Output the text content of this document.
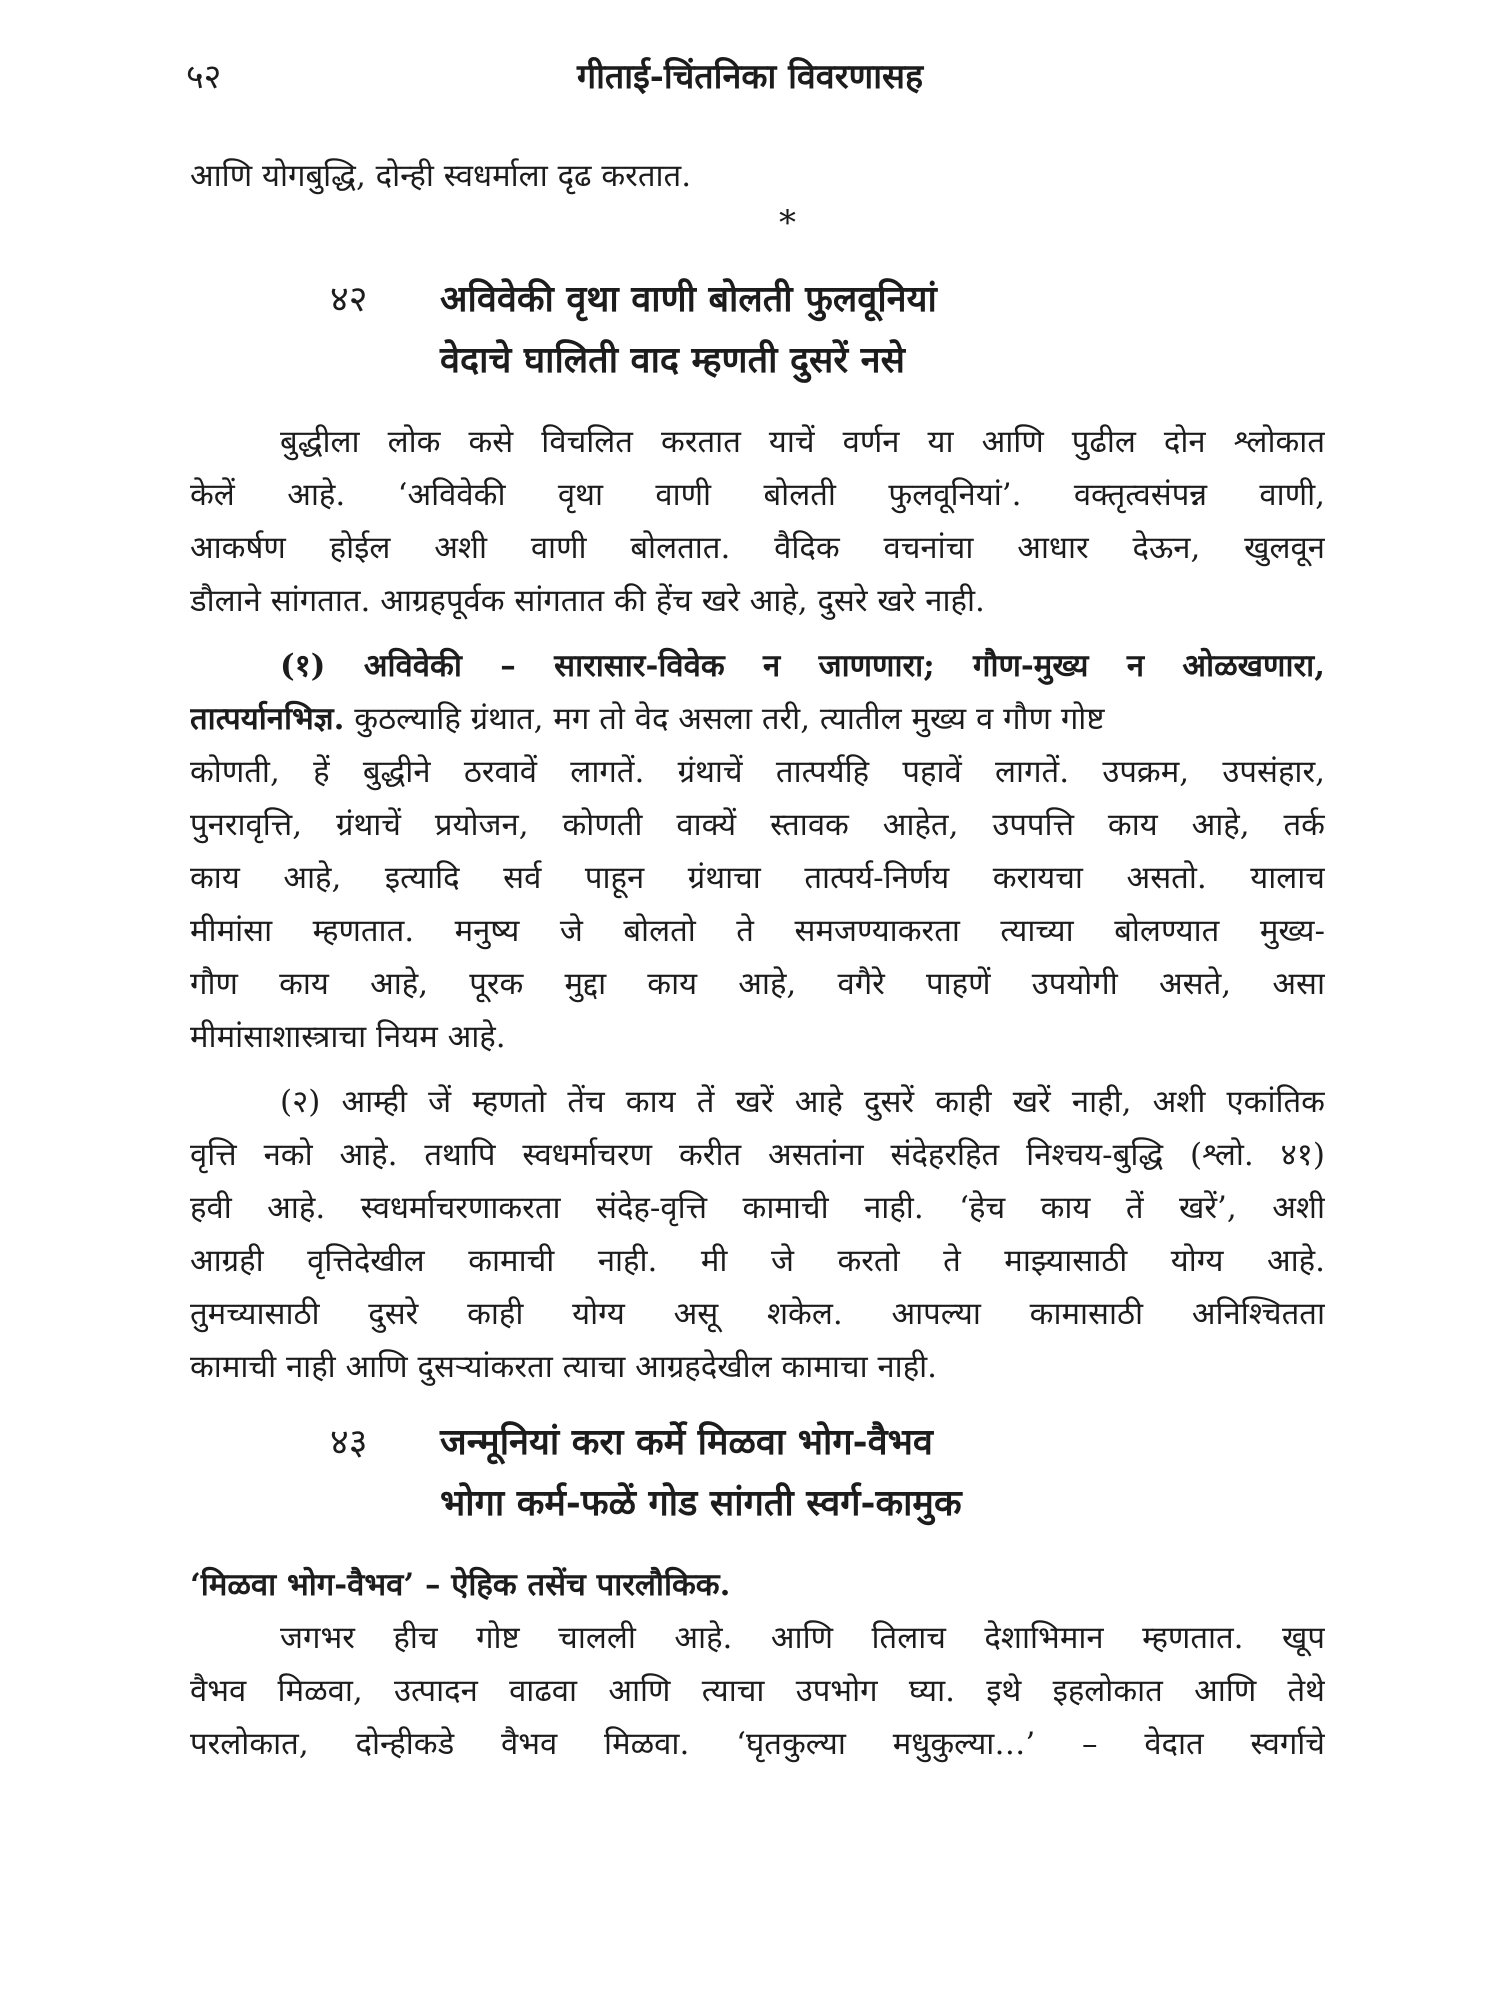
५२	गीताई-चिंतनिका विवरणासह

आणि योगबुद्धि, दोन्ही स्वधर्माला दृढ करतात.

*

४२ अविवेकी वृथा वाणी बोलती फुलवूनियां
वेदाचे घालिती वाद म्हणती दुसरें नसे

बुद्धीला लोक कसे विचलित करतात याचें वर्णन या आणि पुढील दोन श्लोकात

केलें आहे. ‘अविवेकी वृथा वाणी बोलती फुलवूनियां’. वक्तृत्वसंपन्न वाणी,

आकर्षण होईल अशी वाणी बोलतात. वैदिक वचनांचा आधार देऊन, खुलवून

डौलाने सांगतात. आग्रहपूर्वक सांगतात की हेंच खरे आहे, दुसरे खरे नाही.

(१) अविवेकी – सारासार-विवेक न जाणणारा; गौण-मुख्य न ओळखणारा,

तात्पर्यानभिज्ञ. कुठल्याहि ग्रंथात, मग तो वेद असला तरी, त्यातील मुख्य व गौण गोष्ट

कोणती, हें बुद्धीने ठरवावें लागतें. ग्रंथाचें तात्पर्यहि पहावें लागतें. उपक्रम, उपसंहार,

पुनरावृत्ति, ग्रंथाचें प्रयोजन, कोणती वाक्यें स्तावक आहेत, उपपत्ति काय आहे, तर्क

काय आहे, इत्यादि सर्व पाहून ग्रंथाचा तात्पर्य-निर्णय करायचा असतो. यालाच

मीमांसा म्हणतात. मनुष्य जे बोलतो ते समजण्याकरता त्याच्या बोलण्यात मुख्य-

गौण काय आहे, पूरक मुद्दा काय आहे, वगैरे पाहणें उपयोगी असते, असा

मीमांसाशास्त्राचा नियम आहे.

(२) आम्ही जें म्हणतो तेंच काय तें खरें आहे दुसरें काही खरें नाही, अशी एकांतिक

वृत्ति नको आहे. तथापि स्वधर्माचरण करीत असतांना संदेहरहित निश्चय-बुद्धि (श्लो. ४१)

हवी आहे. स्वधर्माचरणाकरता संदेह-वृत्ति कामाची नाही. ‘हेच काय तें खरें’, अशी

आग्रही वृत्तिदेखील कामाची नाही. मी जे करतो ते माझ्यासाठी योग्य आहे.

तुमच्यासाठी दुसरे काही योग्य असू शकेल. आपल्या कामासाठी अनिश्चितता

कामाची नाही आणि दुसऱ्यांकरता त्याचा आग्रहदेखील कामाचा नाही.

४३ जन्मूनियां करा कर्मे मिळवा भोग-वैभव
भोगा कर्म-फळें गोड सांगती स्वर्ग-कामुक

‘मिळवा भोग-वैभव’ – ऐहिक तसेंच पारलौकिक.

जगभर हीच गोष्ट चालली आहे. आणि तिलाच देशाभिमान म्हणतात. खूप

वैभव मिळवा, उत्पादन वाढवा आणि त्याचा उपभोग घ्या. इथे इहलोकात आणि तेथे

परलोकात, दोन्हीकडे वैभव मिळवा. ‘घृतकुल्या मधुकुल्या…’ – वेदात स्वर्गाचे
